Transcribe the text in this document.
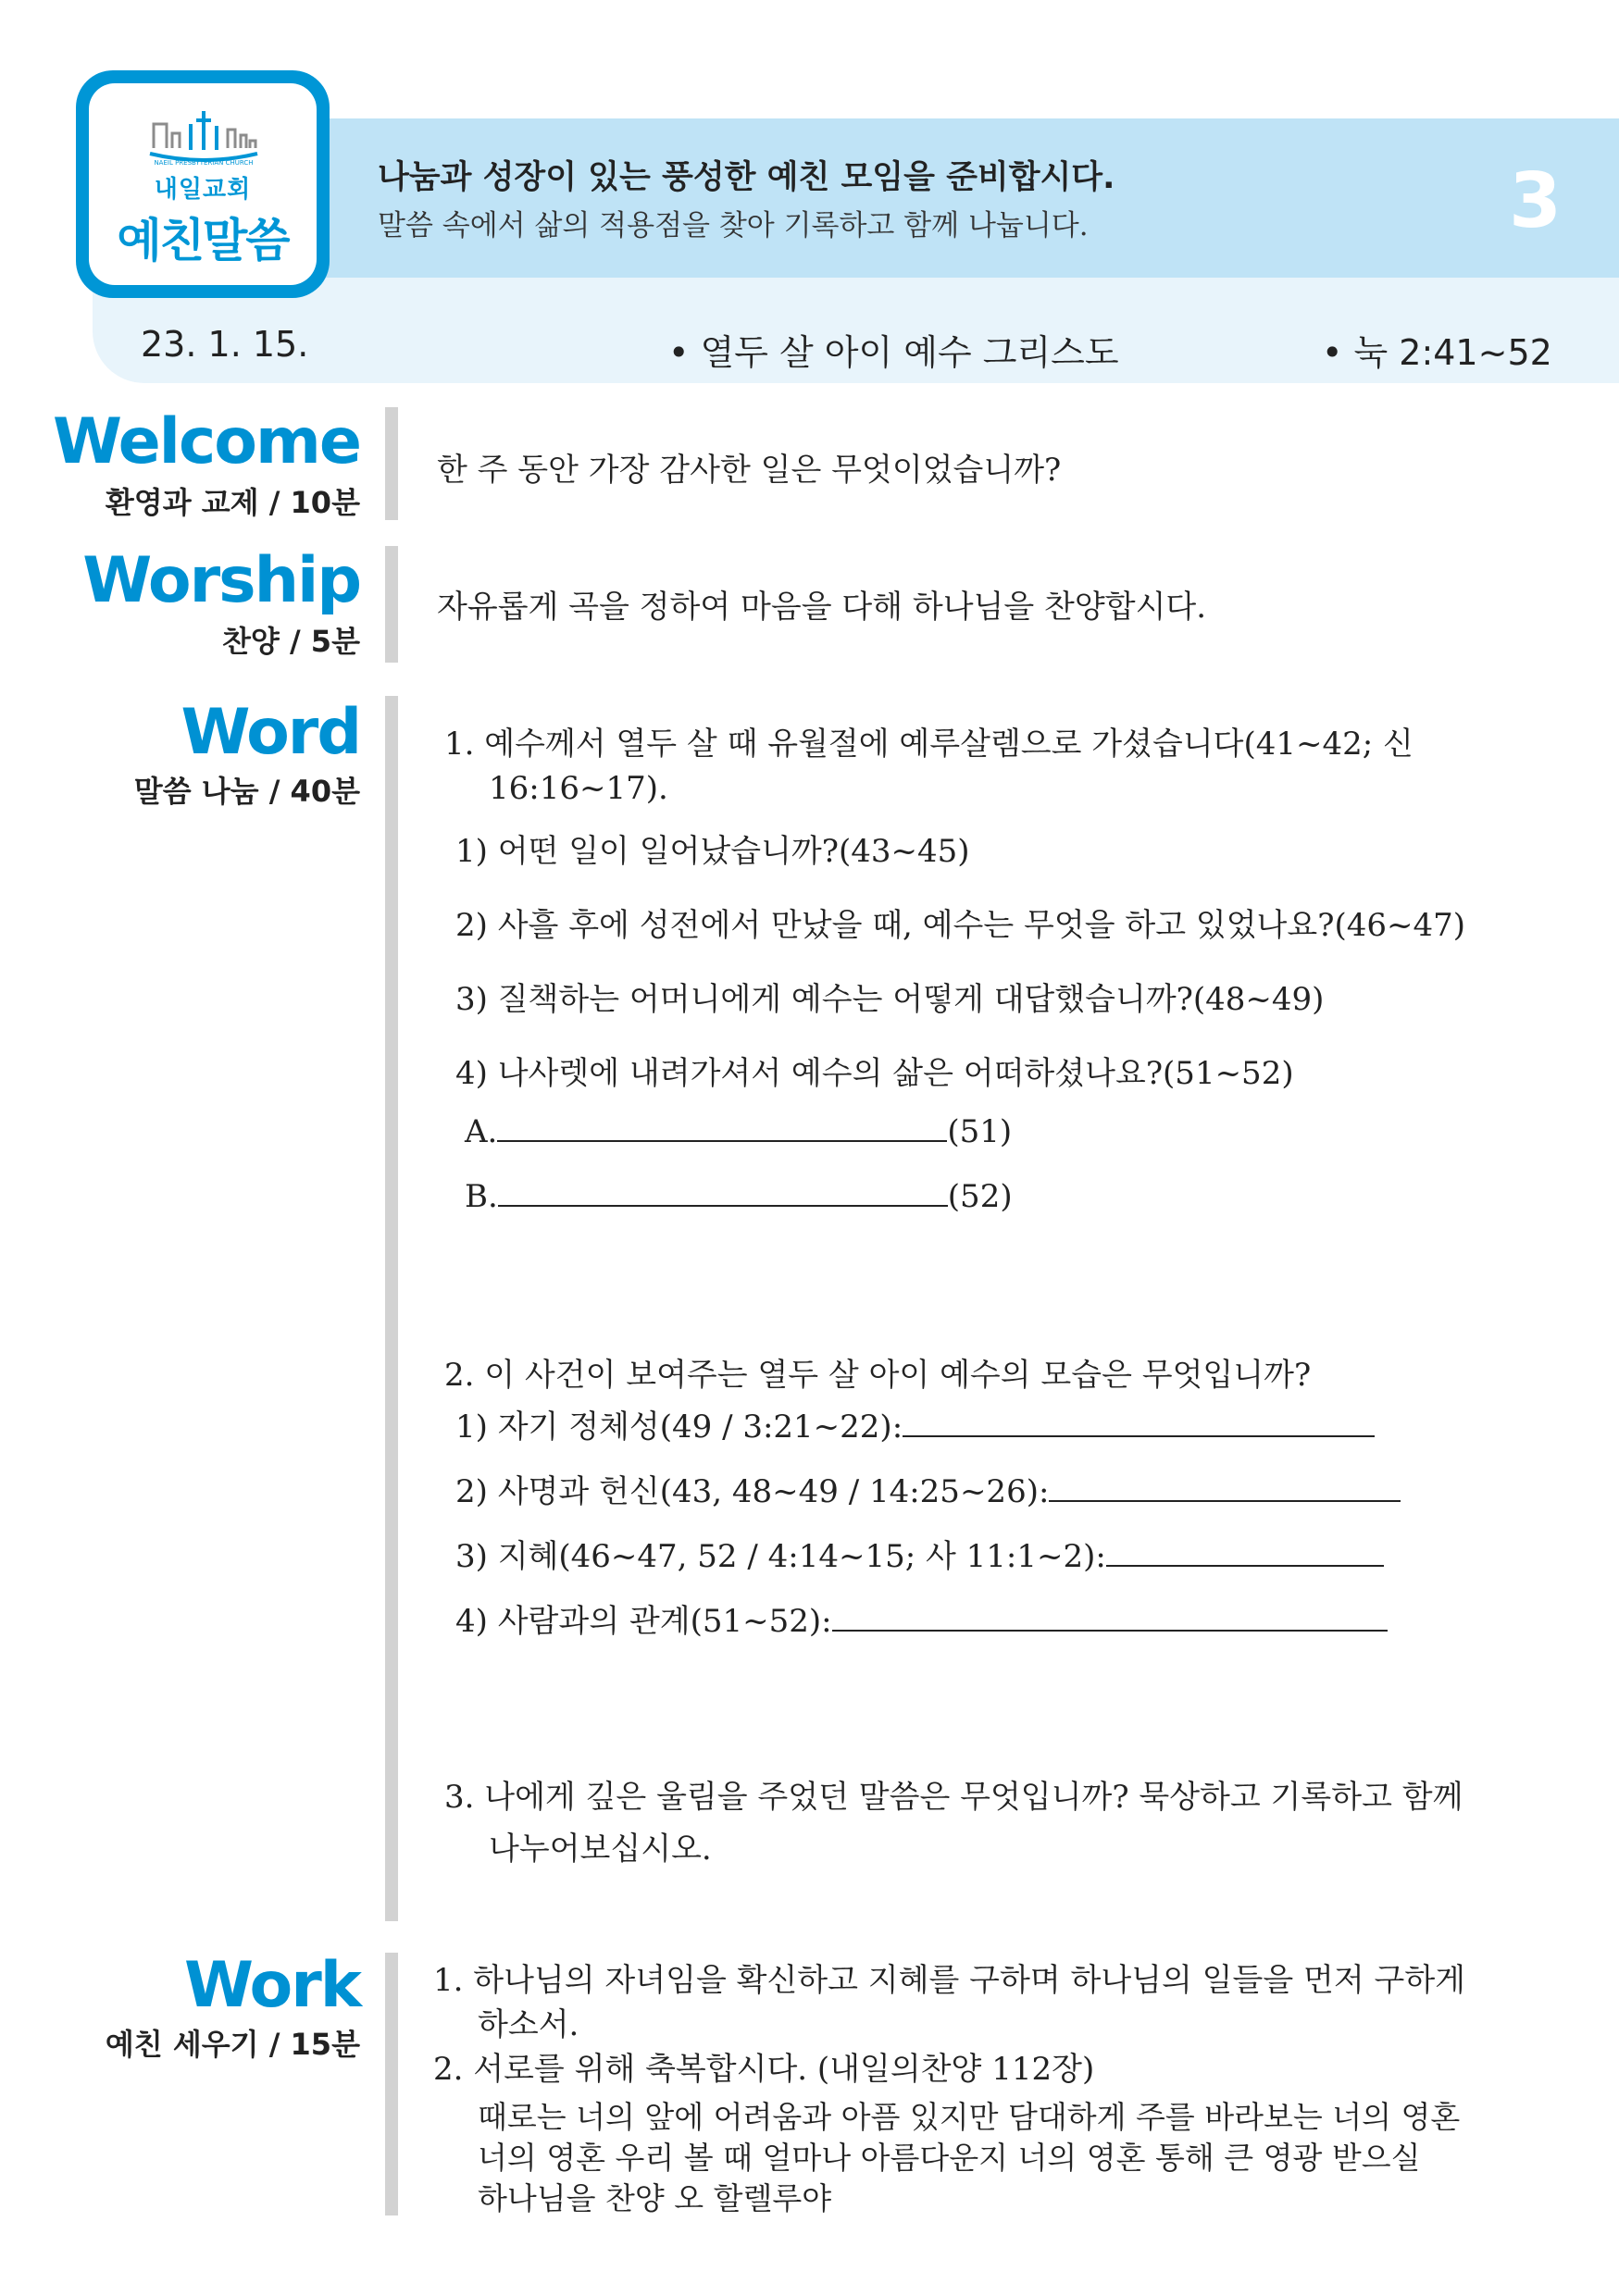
NAEIL PRESBYTERIAN CHURCH
내일교회
예친말씀
나눔과 성장이 있는 풍성한 예친 모임을 준비합시다.
말씀 속에서 삶의 적용점을 찾아 기록하고 함께 나눕니다.	3
23. 1. 15.	• 열두 살 아이 예수 그리스도	• 눅 2:41~52
Welcome
환영과 교제 / 10분
한 주 동안 가장 감사한 일은 무엇이었습니까?
Worship
찬양 / 5분
자유롭게 곡을 정하여 마음을 다해 하나님을 찬양합시다.
Word
말씀 나눔 / 40분
1. 예수께서 열두 살 때 유월절에 예루살렘으로 가셨습니다(41~42; 신
16:16~17).
1) 어떤 일이 일어났습니까?(43~45)
2) 사흘 후에 성전에서 만났을 때, 예수는 무엇을 하고 있었나요?(46~47)
3) 질책하는 어머니에게 예수는 어떻게 대답했습니까?(48~49)
4) 나사렛에 내려가셔서 예수의 삶은 어떠하셨나요?(51~52)
A.	(51)
B.	(52)
2. 이 사건이 보여주는 열두 살 아이 예수의 모습은 무엇입니까?
1) 자기 정체성(49 / 3:21~22):
2) 사명과 헌신(43, 48~49 / 14:25~26):
3) 지혜(46~47, 52 / 4:14~15; 사 11:1~2):
4) 사람과의 관계(51~52):
3. 나에게 깊은 울림을 주었던 말씀은 무엇입니까? 묵상하고 기록하고 함께
나누어보십시오.
Work
예친 세우기 / 15분
1. 하나님의 자녀임을 확신하고 지혜를 구하며 하나님의 일들을 먼저 구하게
하소서.
2. 서로를 위해 축복합시다. (내일의찬양 112장)
때로는 너의 앞에 어려움과 아픔 있지만 담대하게 주를 바라보는 너의 영혼
너의 영혼 우리 볼 때 얼마나 아름다운지 너의 영혼 통해 큰 영광 받으실
하나님을 찬양 오 할렐루야
